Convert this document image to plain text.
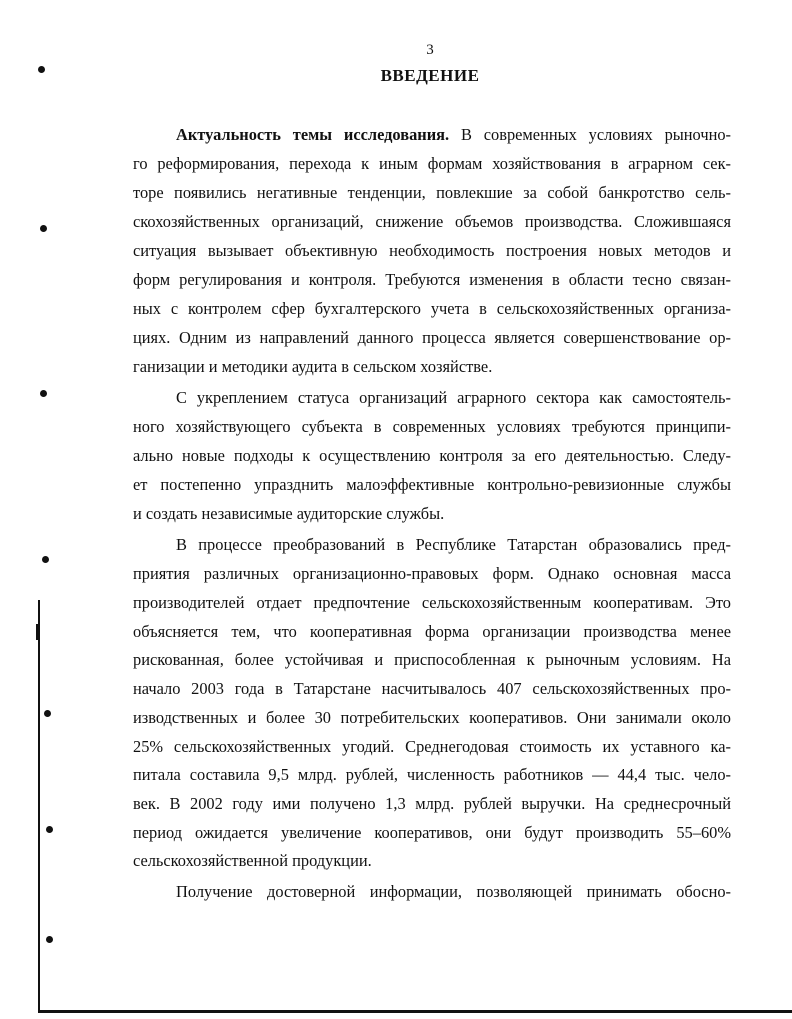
3
ВВЕДЕНИЕ
Актуальность темы исследования. В современных условиях рыночно-
го реформирования, перехода к иным формам хозяйствования в аграрном сек-
торе появились негативные тенденции, повлекшие за собой банкротство сель-
скохозяйственных организаций, снижение объемов производства. Сложившаяся
ситуация вызывает объективную необходимость построения новых методов и
форм регулирования и контроля. Требуются изменения в области тесно связан-
ных с контролем сфер бухгалтерского учета в сельскохозяйственных организа-
циях. Одним из направлений данного процесса является совершенствование ор-
ганизации и методики аудита в сельском хозяйстве.
С укреплением статуса организаций аграрного сектора как самостоятель-
ного хозяйствующего субъекта в современных условиях требуются принципи-
ально новые подходы к осуществлению контроля за его деятельностью. Следу-
ет постепенно упразднить малоэффективные контрольно-ревизионные службы
и создать независимые аудиторские службы.
В процессе преобразований в Республике Татарстан образовались пред-
приятия различных организационно-правовых форм. Однако основная масса
производителей отдает предпочтение сельскохозяйственным кооперативам. Это
объясняется тем, что кооперативная форма организации производства менее
рискованная, более устойчивая и приспособленная к рыночным условиям. На
начало 2003 года в Татарстане насчитывалось 407 сельскохозяйственных про-
изводственных и более 30 потребительских кооперативов. Они занимали около
25% сельскохозяйственных угодий. Среднегодовая стоимость их уставного ка-
питала составила 9,5 млрд. рублей, численность работников — 44,4 тыс. чело-
век. В 2002 году ими получено 1,3 млрд. рублей выручки. На среднесрочный
период ожидается увеличение кооперативов, они будут производить 55–60%
сельскохозяйственной продукции.
Получение достоверной информации, позволяющей принимать обосно-
